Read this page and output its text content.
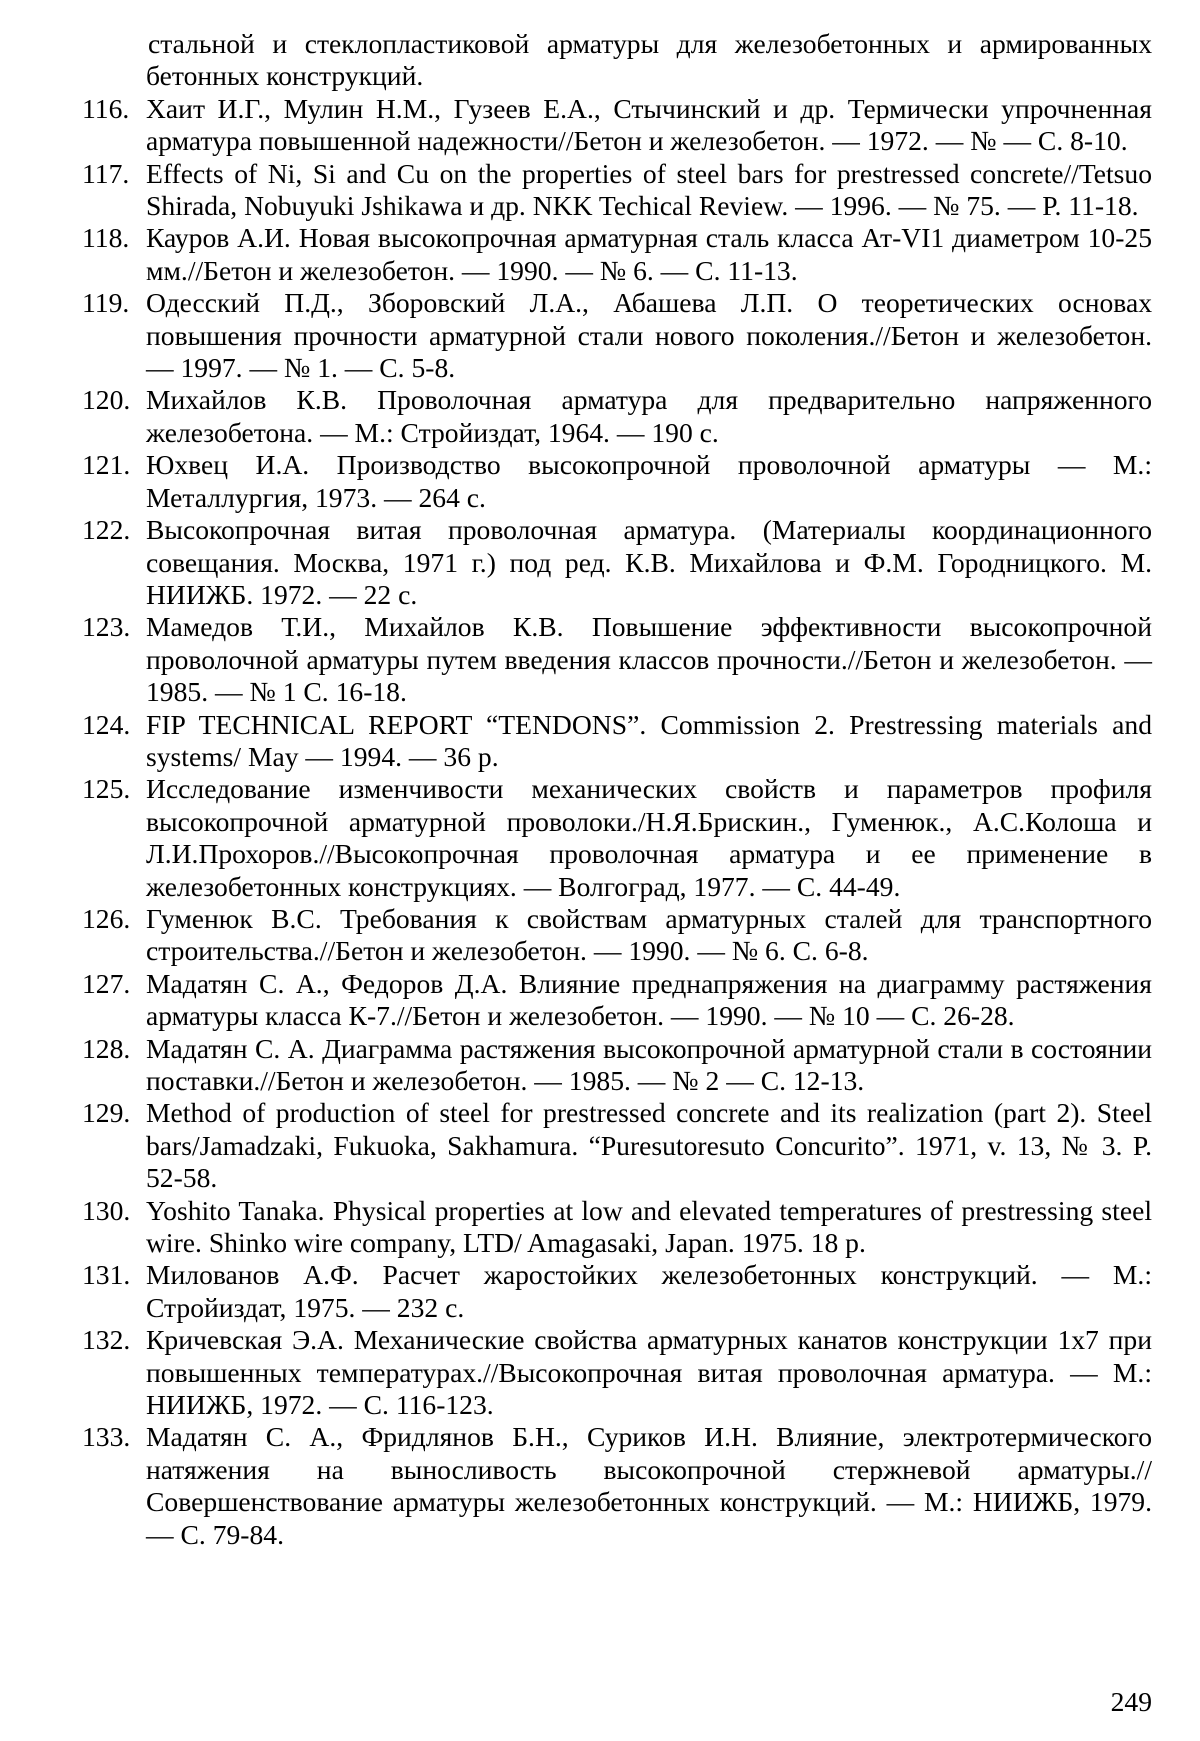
стальной и стеклопластиковой арматуры для железобетонных и армированных бетонных конструкций.
116. Хаит И.Г., Мулин Н.М., Гузеев Е.А., Стычинский и др. Термически упрочненная арматура повышенной надежности//Бетон и железобетон. — 1972. — № — С. 8-10.
117. Effects of Ni, Si and Cu on the properties of steel bars for prestressed concrete//Tetsuo Shirada, Nobuyuki Jshikawa и др. NKK Techical Review. — 1996. — № 75. — P. 11-18.
118. Кауров А.И. Новая высокопрочная арматурная сталь класса Ат-VI1 диаметром 10-25 мм.//Бетон и железобетон. — 1990. — № 6. — С. 11-13.
119. Одесский П.Д., Зборовский Л.А., Абашева Л.П. О теоретических основах повышения прочности арматурной стали нового поколения.//Бетон и железобетон. — 1997. — № 1. — С. 5-8.
120. Михайлов К.В. Проволочная арматура для предварительно напряженного железобетона. — М.: Стройиздат, 1964. — 190 с.
121. Юхвец И.А. Производство высокопрочной проволочной арматуры — М.: Металлургия, 1973. — 264 с.
122. Высокопрочная витая проволочная арматура. (Материалы координационного совещания. Москва, 1971 г.) под ред. К.В. Михайлова и Ф.М. Городницкого. М. НИИЖБ. 1972. — 22 с.
123. Мамедов Т.И., Михайлов К.В. Повышение эффективности высокопрочной проволочной арматуры путем введения классов прочности.//Бетон и железобетон. — 1985. — № 1 С. 16-18.
124. FIP TECHNICAL REPORT “TENDONS”. Commission 2. Prestressing materials and systems/ May — 1994. — 36 p.
125. Исследование изменчивости механических свойств и параметров профиля высокопрочной арматурной проволоки./Н.Я.Брискин., Гуменюк., А.С.Колоша и Л.И.Прохоров.//Высокопрочная проволочная арматура и ее применение в железобетонных конструкциях. — Волгоград, 1977. — С. 44-49.
126. Гуменюк В.С. Требования к свойствам арматурных сталей для транспортного строительства.//Бетон и железобетон. — 1990. — № 6. С. 6-8.
127. Мадатян С. А., Федоров Д.А. Влияние преднапряжения на диаграмму растяжения арматуры класса К-7.//Бетон и железобетон. — 1990. — № 10 — С. 26-28.
128. Мадатян С. А. Диаграмма растяжения высокопрочной арматурной стали в состоянии поставки.//Бетон и железобетон. — 1985. — № 2 — С. 12-13.
129. Method of production of steel for prestressed concrete and its realization (part 2). Steel bars/Jamadzaki, Fukuoka, Sakhamura. “Puresutoresuto Concurito”. 1971, v. 13, № 3. P. 52-58.
130. Yoshito Tanaka. Physical properties at low and elevated temperatures of prestressing steel wire. Shinko wire company, LTD/ Amagasaki, Japan. 1975. 18 p.
131. Милованов А.Ф. Расчет жаростойких железобетонных конструкций. — М.: Стройиздат, 1975. — 232 с.
132. Кричевская Э.А. Механические свойства арматурных канатов конструкции 1x7 при повышенных температурах.//Высокопрочная витая проволочная арматура. — М.: НИИЖБ, 1972. — С. 116-123.
133. Мадатян С. А., Фридлянов Б.Н., Суриков И.Н. Влияние, электротермического натяжения на выносливость высокопрочной стержневой арматуры.//Совершенствование арматуры железобетонных конструкций. — М.: НИИЖБ, 1979. — С. 79-84.
249
